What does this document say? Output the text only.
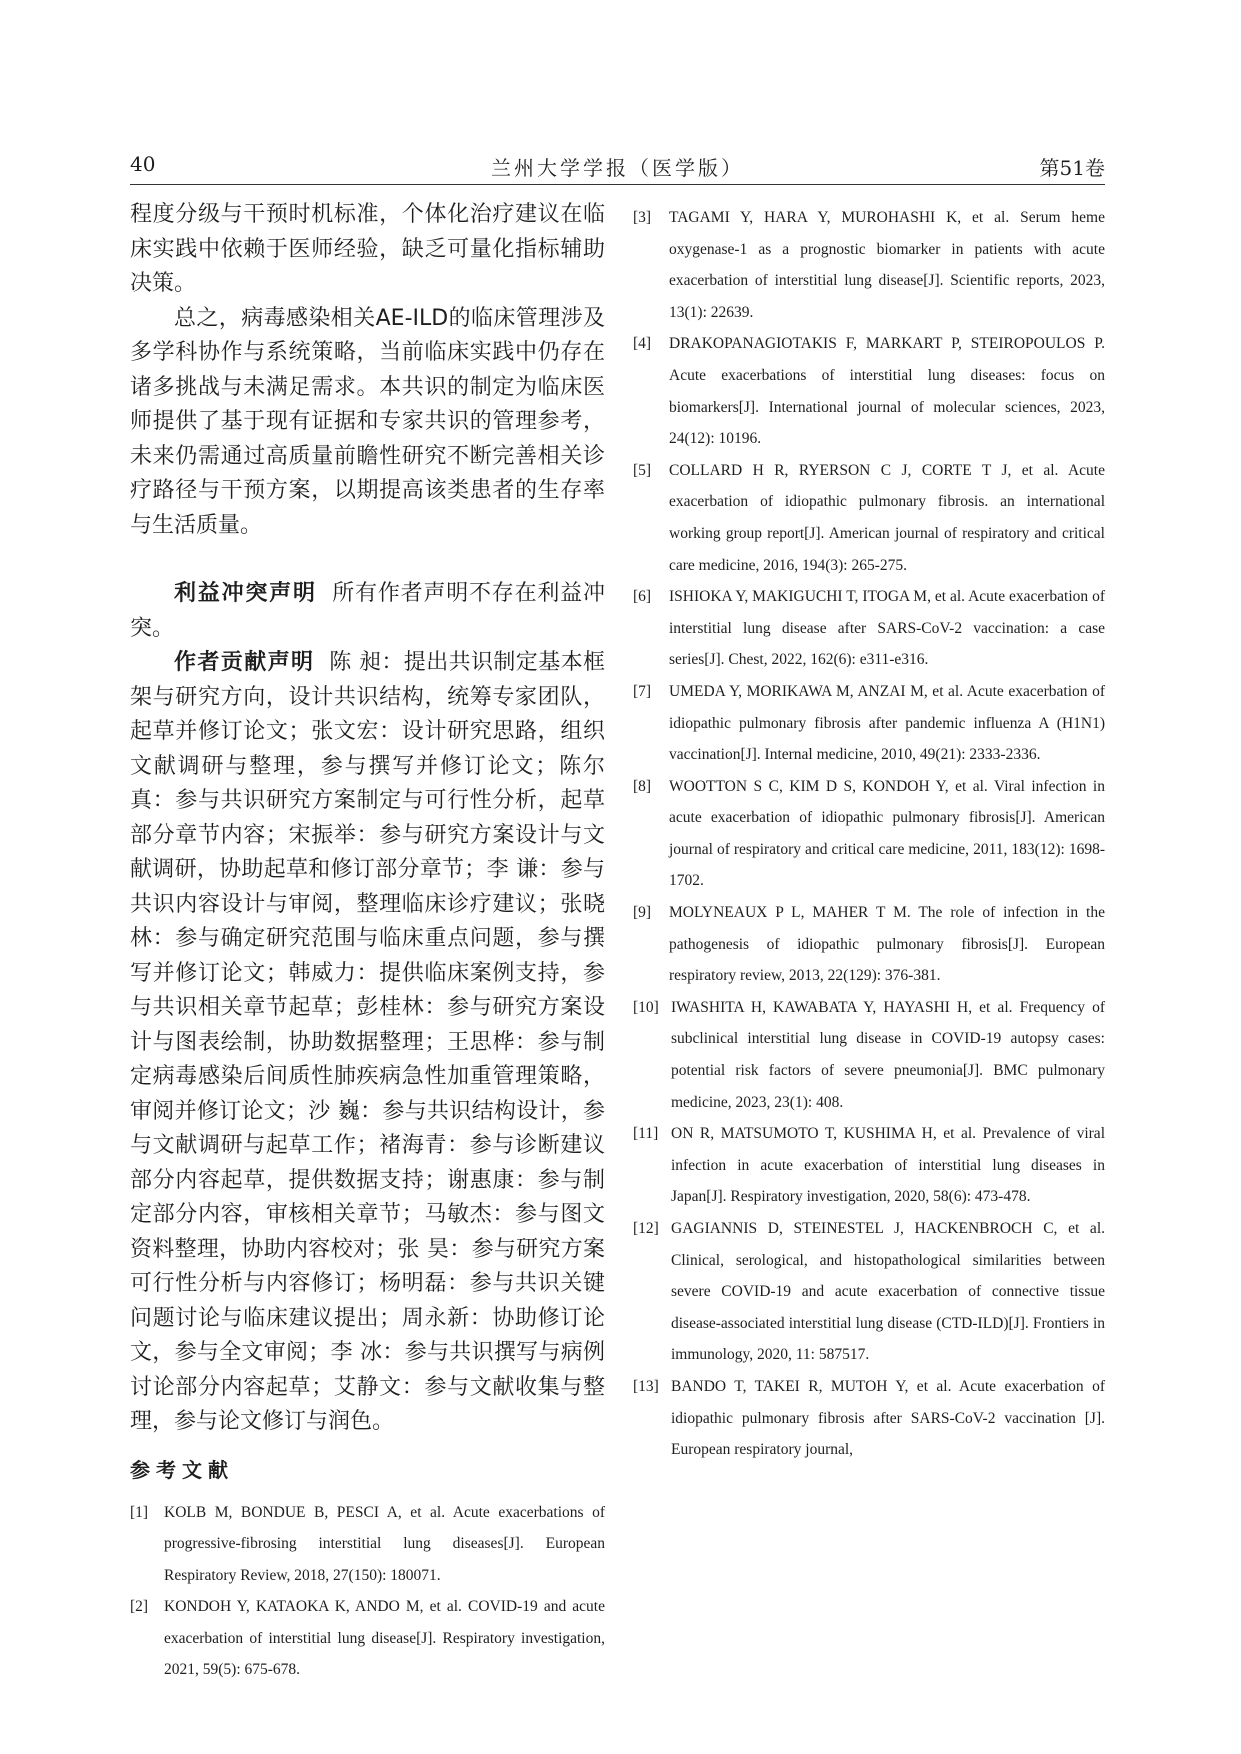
40	兰州大学学报（医学版）	第51卷

程度分级与干预时机标准，个体化治疗建议在临床实践中依赖于医师经验，缺乏可量化指标辅助决策。

总之，病毒感染相关AE-ILD的临床管理涉及多学科协作与系统策略，当前临床实践中仍存在诸多挑战与未满足需求。本共识的制定为临床医师提供了基于现有证据和专家共识的管理参考，未来仍需通过高质量前瞻性研究不断完善相关诊疗路径与干预方案，以期提高该类患者的生存率与生活质量。

利益冲突声明 所有作者声明不存在利益冲突。

作者贡献声明 陈 昶：提出共识制定基本框架与研究方向，设计共识结构，统筹专家团队，起草并修订论文；张文宏：设计研究思路，组织文献调研与整理，参与撰写并修订论文；陈尔真：参与共识研究方案制定与可行性分析，起草部分章节内容；宋振举：参与研究方案设计与文献调研，协助起草和修订部分章节；李 谦：参与共识内容设计与审阅，整理临床诊疗建议；张晓林：参与确定研究范围与临床重点问题，参与撰写并修订论文；韩威力：提供临床案例支持，参与共识相关章节起草；彭桂林：参与研究方案设计与图表绘制，协助数据整理；王思桦：参与制定病毒感染后间质性肺疾病急性加重管理策略，审阅并修订论文；沙 巍：参与共识结构设计，参与文献调研与起草工作；褚海青：参与诊断建议部分内容起草，提供数据支持；谢惠康：参与制定部分内容，审核相关章节；马敏杰：参与图文资料整理，协助内容校对；张 昊：参与研究方案可行性分析与内容修订；杨明磊：参与共识关键问题讨论与临床建议提出；周永新：协助修订论文，参与全文审阅；李 冰：参与共识撰写与病例讨论部分内容起草；艾静文：参与文献收集与整理，参与论文修订与润色。

参考文献

[1] KOLB M, BONDUE B, PESCI A, et al. Acute exacerbations of progressive-fibrosing interstitial lung diseases[J]. European Respiratory Review, 2018, 27(150): 180071.

[2] KONDOH Y, KATAOKA K, ANDO M, et al. COVID-19 and acute exacerbation of interstitial lung disease[J]. Respiratory investigation, 2021, 59(5): 675-678.

[3] TAGAMI Y, HARA Y, MUROHASHI K, et al. Serum heme oxygenase-1 as a prognostic biomarker in patients with acute exacerbation of interstitial lung disease[J]. Scientific reports, 2023, 13(1): 22639.

[4] DRAKOPANAGIOTAKIS F, MARKART P, STEIROPOULOS P. Acute exacerbations of interstitial lung diseases: focus on biomarkers[J]. International journal of molecular sciences, 2023, 24(12): 10196.

[5] COLLARD H R, RYERSON C J, CORTE T J, et al. Acute exacerbation of idiopathic pulmonary fibrosis. an international working group report[J]. American journal of respiratory and critical care medicine, 2016, 194(3): 265-275.

[6] ISHIOKA Y, MAKIGUCHI T, ITOGA M, et al. Acute exacerbation of interstitial lung disease after SARS-CoV-2 vaccination: a case series[J]. Chest, 2022, 162(6): e311-e316.

[7] UMEDA Y, MORIKAWA M, ANZAI M, et al. Acute exacerbation of idiopathic pulmonary fibrosis after pandemic influenza A (H1N1) vaccination[J]. Internal medicine, 2010, 49(21): 2333-2336.

[8] WOOTTON S C, KIM D S, KONDOH Y, et al. Viral infection in acute exacerbation of idiopathic pulmonary fibrosis[J]. American journal of respiratory and critical care medicine, 2011, 183(12): 1698-1702.

[9] MOLYNEAUX P L, MAHER T M. The role of infection in the pathogenesis of idiopathic pulmonary fibrosis[J]. European respiratory review, 2013, 22(129): 376-381.

[10] IWASHITA H, KAWABATA Y, HAYASHI H, et al. Frequency of subclinical interstitial lung disease in COVID-19 autopsy cases: potential risk factors of severe pneumonia[J]. BMC pulmonary medicine, 2023, 23(1): 408.

[11] ON R, MATSUMOTO T, KUSHIMA H, et al. Prevalence of viral infection in acute exacerbation of interstitial lung diseases in Japan[J]. Respiratory investigation, 2020, 58(6): 473-478.

[12] GAGIANNIS D, STEINESTEL J, HACKENBROCH C, et al. Clinical, serological, and histopathological similarities between severe COVID-19 and acute exacerbation of connective tissue disease-associated interstitial lung disease (CTD-ILD)[J]. Frontiers in immunology, 2020, 11: 587517.

[13] BANDO T, TAKEI R, MUTOH Y, et al. Acute exacerbation of idiopathic pulmonary fibrosis after SARS-CoV-2 vaccination [J]. European respiratory journal,
